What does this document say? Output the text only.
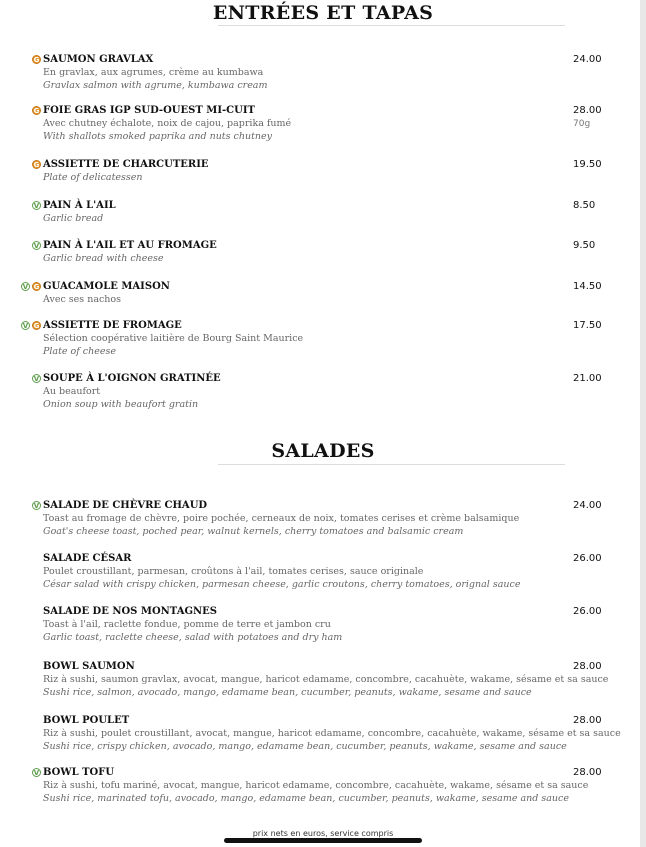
ENTRÉES ET TAPAS
G SAUMON GRAVLAX	24.00
En gravlax, aux agrumes, crème au kumbawa
Gravlax salmon with agrume, kumbawa cream
G FOIE GRAS IGP SUD-OUEST MI-CUIT	28.00
70g
Avec chutney échalote, noix de cajou, paprika fumé
With shallots smoked paprika and nuts chutney
G ASSIETTE DE CHARCUTERIE	19.50
Plate of delicatessen
V PAIN À L'AIL	8.50
Garlic bread
V PAIN À L'AIL ET AU FROMAGE	9.50
Garlic bread with cheese
V G GUACAMOLE MAISON	14.50
Avec ses nachos
V G ASSIETTE DE FROMAGE	17.50
Sélection coopérative laitière de Bourg Saint Maurice
Plate of cheese
V SOUPE À L'OIGNON GRATINÉE	21.00
Au beaufort
Onion soup with beaufort gratin
SALADES
V SALADE DE CHÈVRE CHAUD	24.00
Toast au fromage de chèvre, poire pochée, cerneaux de noix, tomates cerises et crème balsamique
Goat's cheese toast, poched pear, walnut kernels, cherry tomatoes and balsamic cream
SALADE CÉSAR	26.00
Poulet croustillant, parmesan, croûtons à l'ail, tomates cerises, sauce originale
César salad with crispy chicken, parmesan cheese, garlic croutons, cherry tomatoes, orignal sauce
SALADE DE NOS MONTAGNES	26.00
Toast à l'ail, raclette fondue, pomme de terre et jambon cru
Garlic toast, raclette cheese, salad with potatoes and dry ham
BOWL SAUMON	28.00
Riz à sushi, saumon gravlax, avocat, mangue, haricot edamame, concombre, cacahuète, wakame, sésame et sa sauce
Sushi rice, salmon, avocado, mango, edamame bean, cucumber, peanuts, wakame, sesame and sauce
BOWL POULET	28.00
Riz à sushi, poulet croustillant, avocat, mangue, haricot edamame, concombre, cacahuète, wakame, sésame et sa sauce
Sushi rice, crispy chicken, avocado, mango, edamame bean, cucumber, peanuts, wakame, sesame and sauce
V BOWL TOFU	28.00
Riz à sushi, tofu mariné, avocat, mangue, haricot edamame, concombre, cacahuète, wakame, sésame et sa sauce
Sushi rice, marinated tofu, avocado, mango, edamame bean, cucumber, peanuts, wakame, sesame and sauce
prix nets en euros, service compris
